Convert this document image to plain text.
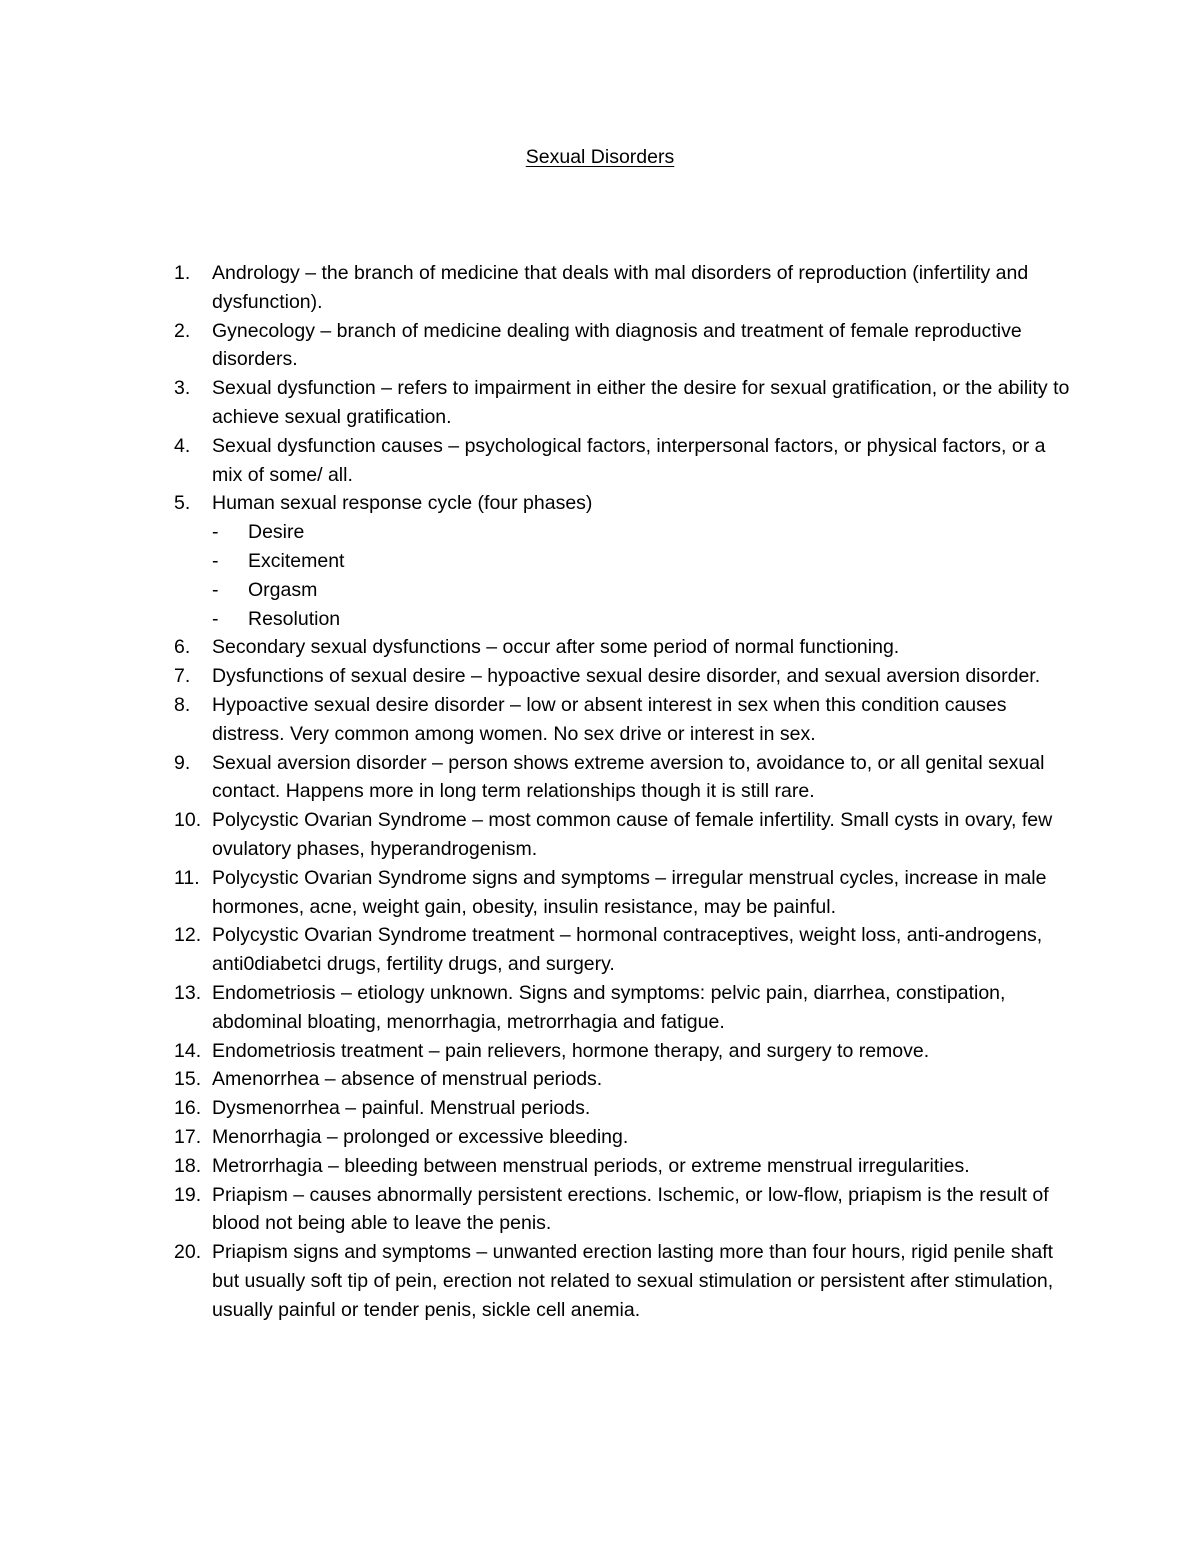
Sexual Disorders
1. Andrology – the branch of medicine that deals with mal disorders of reproduction (infertility and dysfunction).
2. Gynecology – branch of medicine dealing with diagnosis and treatment of female reproductive disorders.
3. Sexual dysfunction – refers to impairment in either the desire for sexual gratification, or the ability to achieve sexual gratification.
4. Sexual dysfunction causes – psychological factors, interpersonal factors, or physical factors, or a mix of some/ all.
5. Human sexual response cycle (four phases)
- Desire
- Excitement
- Orgasm
- Resolution
6. Secondary sexual dysfunctions – occur after some period of normal functioning.
7. Dysfunctions of sexual desire – hypoactive sexual desire disorder, and sexual aversion disorder.
8. Hypoactive sexual desire disorder – low or absent interest in sex when this condition causes distress. Very common among women. No sex drive or interest in sex.
9. Sexual aversion disorder – person shows extreme aversion to, avoidance to, or all genital sexual contact. Happens more in long term relationships though it is still rare.
10. Polycystic Ovarian Syndrome – most common cause of female infertility. Small cysts in ovary, few ovulatory phases, hyperandrogenism.
11. Polycystic Ovarian Syndrome signs and symptoms – irregular menstrual cycles, increase in male hormones, acne, weight gain, obesity, insulin resistance, may be painful.
12. Polycystic Ovarian Syndrome treatment – hormonal contraceptives, weight loss, anti-androgens, anti0diabetci drugs, fertility drugs, and surgery.
13. Endometriosis – etiology unknown. Signs and symptoms: pelvic pain, diarrhea, constipation, abdominal bloating, menorrhagia, metrorrhagia and fatigue.
14. Endometriosis treatment – pain relievers, hormone therapy, and surgery to remove.
15. Amenorrhea – absence of menstrual periods.
16. Dysmenorrhea – painful. Menstrual periods.
17. Menorrhagia – prolonged or excessive bleeding.
18. Metrorrhagia – bleeding between menstrual periods, or extreme menstrual irregularities.
19. Priapism – causes abnormally persistent erections. Ischemic, or low-flow, priapism is the result of blood not being able to leave the penis.
20. Priapism signs and symptoms – unwanted erection lasting more than four hours, rigid penile shaft but usually soft tip of pein, erection not related to sexual stimulation or persistent after stimulation, usually painful or tender penis, sickle cell anemia.
